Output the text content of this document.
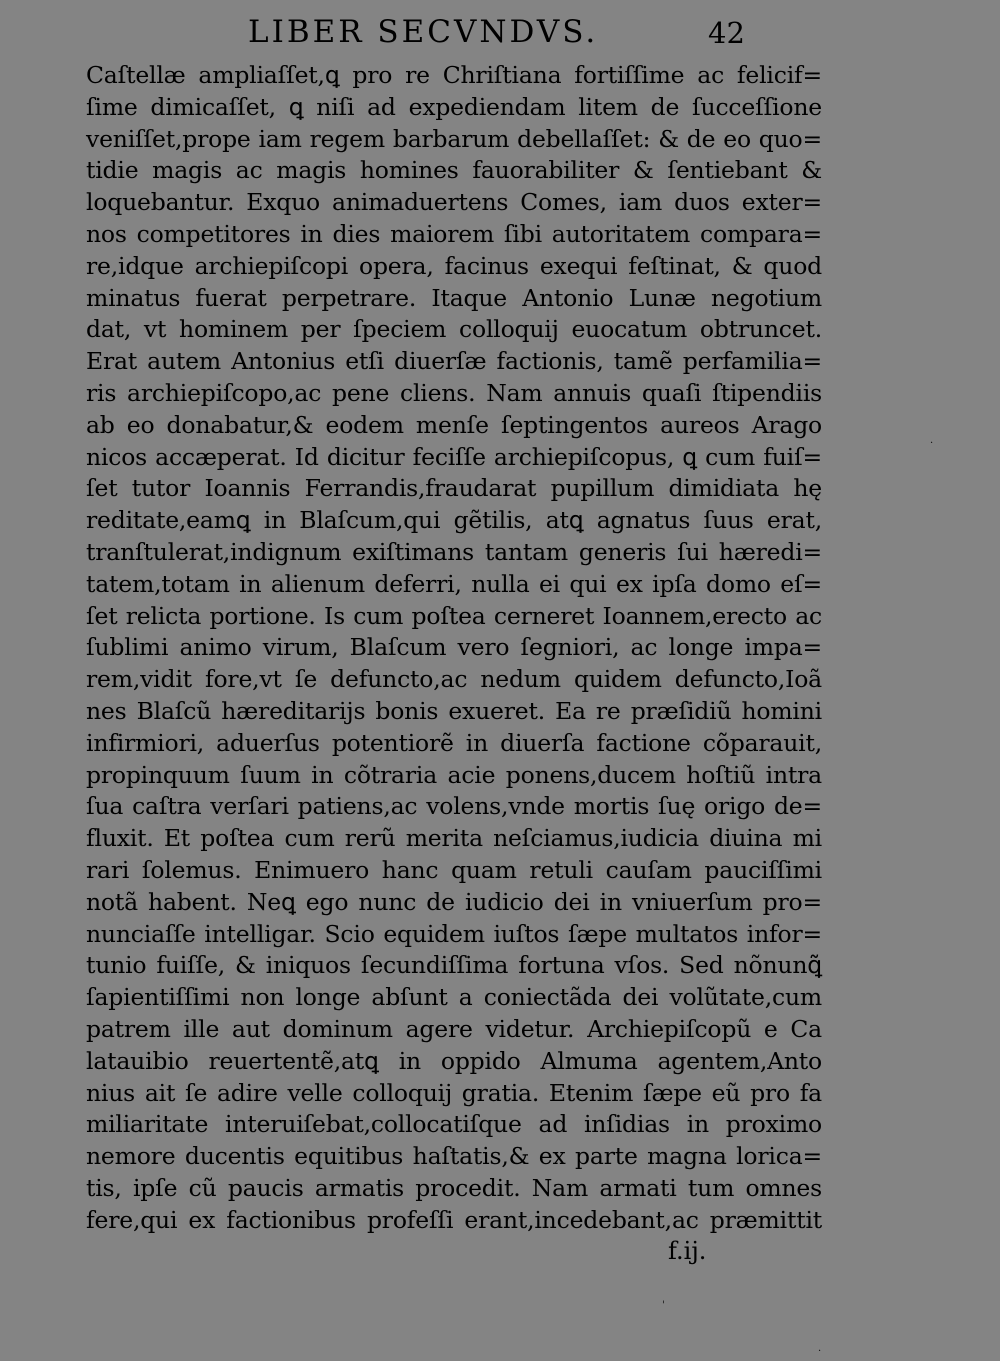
LIBER SECVNDVS.	42
Caſtellæ ampliaſſet,ꝗ pro re Chriſtiana fortiſſime ac felicif=
ſime dimicaſſet, ꝗ niſi ad expediendam litem de ſucceſſione
veniſſet,prope iam regem barbarum debellaſſet: & de eo quo=
tidie magis ac magis homines fauorabiliter & ſentiebant &
loquebantur. Exquo animaduertens Comes, iam duos exter=
nos competitores in dies maiorem ſibi autoritatem compara=
re,idque archiepiſcopi opera, facinus exequi feſtinat, & quod
minatus fuerat perpetrare. Itaque Antonio Lunæ negotium
dat, vt hominem per ſpeciem colloquij euocatum obtruncet.
Erat autem Antonius etſi diuerſæ factionis, tamẽ perfamilia=
ris archiepiſcopo,ac pene cliens. Nam annuis quaſi ſtipendiis
ab eo donabatur,& eodem menſe ſeptingentos aureos Arago
nicos accæperat. Id dicitur feciſſe archiepiſcopus, ꝗ cum fuiſ=
ſet tutor Ioannis Ferrandis,fraudarat pupillum dimidiata hę
reditate,eamꝗ in Blaſcum,qui gẽtilis, atꝗ agnatus ſuus erat,
tranſtulerat,indignum exiſtimans tantam generis ſui hæredi=
tatem,totam in alienum deferri, nulla ei qui ex ipſa domo eſ=
ſet relicta portione. Is cum poſtea cerneret Ioannem,erecto ac
ſublimi animo virum, Blaſcum vero ſegniori, ac longe impa=
rem,vidit fore,vt ſe defuncto,ac nedum quidem defuncto,Ioã
nes Blaſcũ hæreditarijs bonis exueret. Ea re præſidiũ homini
infirmiori, aduerſus potentiorẽ in diuerſa factione cõparauit,
propinquum ſuum in cõtraria acie ponens,ducem hoſtiũ intra
ſua caſtra verſari patiens,ac volens,vnde mortis ſuę origo de=
fluxit. Et poſtea cum rerũ merita neſciamus,iudicia diuina mi
rari ſolemus. Enimuero hanc quam retuli cauſam pauciſſimi
notã habent. Neꝗ ego nunc de iudicio dei in vniuerſum pro=
nunciaſſe intelligar. Scio equidem iuſtos ſæpe multatos infor=
tunio fuiſſe, & iniquos ſecundiſſima fortuna vſos. Sed nõnunꝗ̃
ſapientiſſimi non longe abſunt a coniectãda dei volũtate,cum
patrem ille aut dominum agere videtur. Archiepiſcopũ e Ca
latauibio reuertentẽ,atꝗ in oppido Almuma agentem,Anto
nius ait ſe adire velle colloquij gratia. Etenim ſæpe eũ pro fa
miliaritate interuiſebat,collocatiſque ad inſidias in proximo
nemore ducentis equitibus haſtatis,& ex parte magna lorica=
tis, ipſe cũ paucis armatis procedit. Nam armati tum omnes
fere,qui ex factionibus profeſſi erant,incedebant,ac præmittit
f.ij.
·
'
·
